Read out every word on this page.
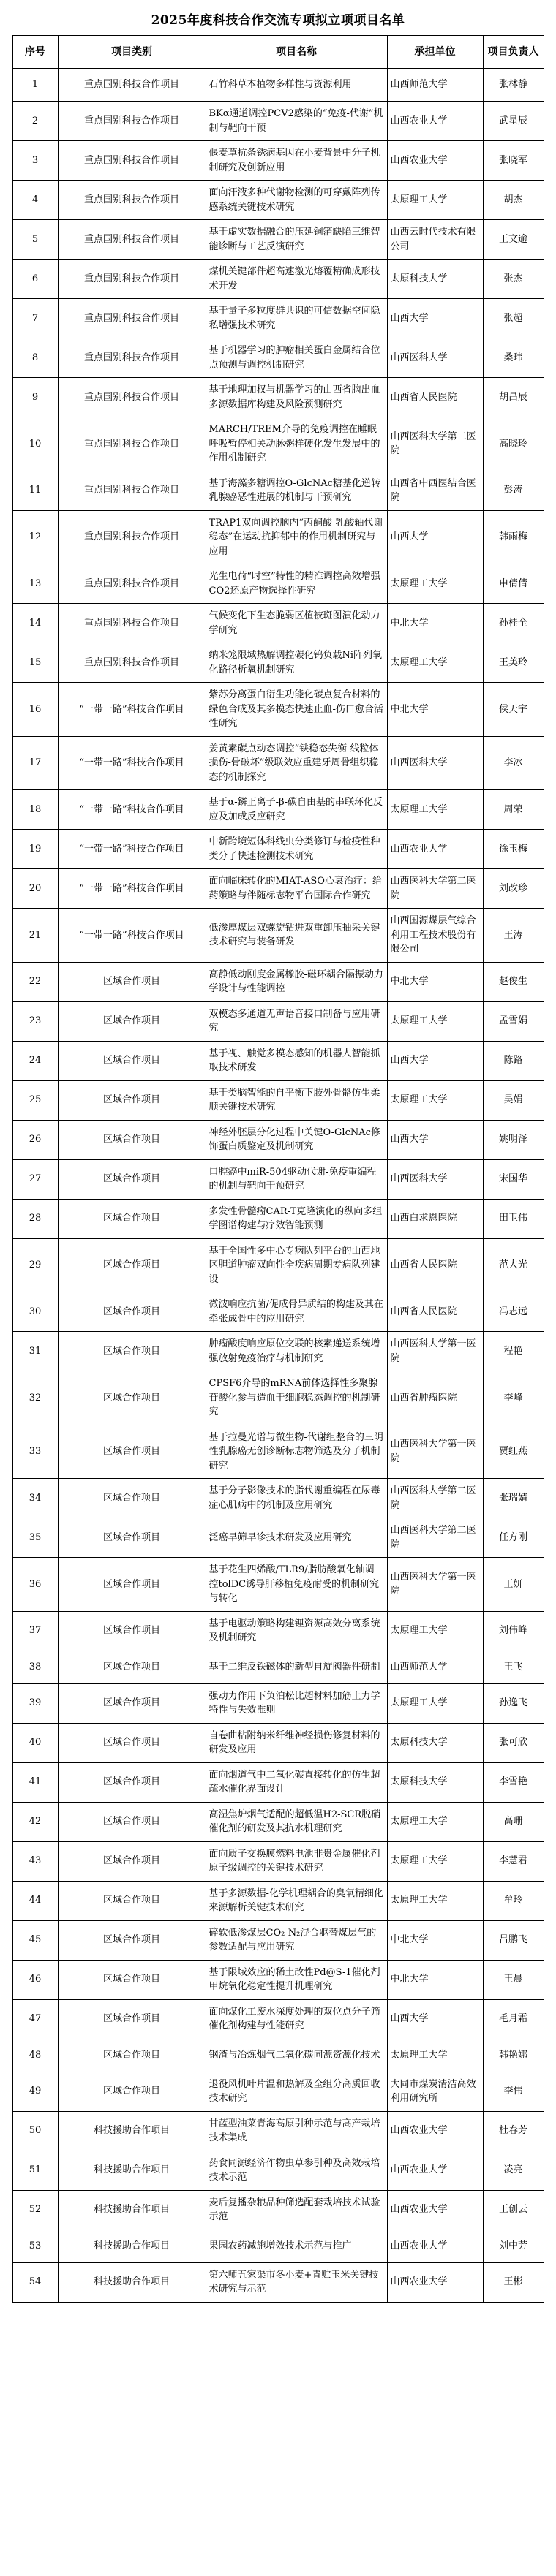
2025年度科技合作交流专项拟立项项目名单
序号	项目类别	项目名称	承担单位	项目负责人
1	重点国别科技合作项目	石竹科草本植物多样性与资源利用	山西师范大学	张林静
2	重点国别科技合作项目	BKα通道调控PCV2感染的“免疫-代谢”机制与靶向干预	山西农业大学	武星辰
3	重点国别科技合作项目	偃麦草抗条锈病基因在小麦背景中分子机制研究及创新应用	山西农业大学	张晓军
4	重点国别科技合作项目	面向汗液多种代谢物检测的可穿戴阵列传感系统关键技术研究	太原理工大学	胡杰
5	重点国别科技合作项目	基于虚实数据融合的压延铜箔缺陷三维智能诊断与工艺反演研究	山西云时代技术有限公司	王文逾
6	重点国别科技合作项目	煤机关键部件超高速激光熔覆精确成形技术开发	太原科技大学	张杰
7	重点国别科技合作项目	基于量子多粒度群共识的可信数据空间隐私增强技术研究	山西大学	张超
8	重点国别科技合作项目	基于机器学习的肿瘤相关蛋白金属结合位点预测与调控机制研究	山西医科大学	桑玮
9	重点国别科技合作项目	基于地理加权与机器学习的山西省脑出血多源数据库构建及风险预测研究	山西省人民医院	胡昌辰
10	重点国别科技合作项目	MARCH/TREM介导的免疫调控在睡眠呼吸暂停相关动脉粥样硬化发生发展中的作用机制研究	山西医科大学第二医院	高晓玲
11	重点国别科技合作项目	基于海藻多糖调控O-GlcNAc糖基化逆转乳腺癌恶性进展的机制与干预研究	山西省中西医结合医院	彭涛
12	重点国别科技合作项目	TRAP1双向调控脑内“丙酮酸-乳酸轴代谢稳态”在运动抗抑郁中的作用机制研究与应用	山西大学	韩雨梅
13	重点国别科技合作项目	光生电荷“时空”特性的精准调控高效增强CO2还原产物选择性研究	太原理工大学	申倩倩
14	重点国别科技合作项目	气候变化下生态脆弱区植被斑图演化动力学研究	中北大学	孙桂全
15	重点国别科技合作项目	纳米笼限域热解调控碳化钨负载Ni阵列氧化路径析氧机制研究	太原理工大学	王美玲
16	“一带一路”科技合作项目	紫苏分离蛋白衍生功能化碳点复合材料的绿色合成及其多模态快速止血-伤口愈合活性研究	中北大学	侯天宇
17	“一带一路”科技合作项目	姜黄素碳点动态调控“铁稳态失衡-线粒体损伤-骨破坏”级联效应重建牙周骨组织稳态的机制探究	山西医科大学	李冰
18	“一带一路”科技合作项目	基于α-鏻正离子-β-碳自由基的串联环化反应及加成反应研究	太原理工大学	周荣
19	“一带一路”科技合作项目	中新跨境短体科线虫分类修订与检疫性种类分子快速检测技术研究	山西农业大学	徐玉梅
20	“一带一路”科技合作项目	面向临床转化的MIAT-ASO心衰治疗：给药策略与伴随标志物平台国际合作研究	山西医科大学第二医院	刘改珍
21	“一带一路”科技合作项目	低渗厚煤层双螺旋钻进双重卸压抽采关键技术研究与装备研发	山西国源煤层气综合利用工程技术股份有限公司	王涛
22	区域合作项目	高静低动刚度金属橡胶-磁环耦合隔振动力学设计与性能调控	中北大学	赵俊生
23	区域合作项目	双模态多通道无声语音接口制备与应用研究	太原理工大学	孟雪娟
24	区域合作项目	基于视、触觉多模态感知的机器人智能抓取技术研发	山西大学	陈路
25	区域合作项目	基于类脑智能的自平衡下肢外骨骼仿生柔顺关键技术研究	太原理工大学	吴娟
26	区域合作项目	神经外胚层分化过程中关键O-GlcNAc修饰蛋白质鉴定及机制研究	山西大学	姚明泽
27	区域合作项目	口腔癌中miR-504驱动代谢-免疫重编程的机制与靶向干预研究	山西医科大学	宋国华
28	区域合作项目	多发性骨髓瘤CAR-T克隆演化的纵向多组学图谱构建与疗效智能预测	山西白求恩医院	田卫伟
29	区域合作项目	基于全国性多中心专病队列平台的山西地区胆道肿瘤双向性全疾病周期专病队列建设	山西省人民医院	范大光
30	区域合作项目	微波响应抗菌/促成骨异质结的构建及其在牵张成骨中的应用研究	山西省人民医院	冯志远
31	区域合作项目	肿瘤酸度响应原位交联的核素递送系统增强放射免疫治疗与机制研究	山西医科大学第一医院	程艳
32	区域合作项目	CPSF6介导的mRNA前体选择性多聚腺苷酸化参与造血干细胞稳态调控的机制研究	山西省肿瘤医院	李峰
33	区域合作项目	基于拉曼光谱与微生物-代谢组整合的三阴性乳腺癌无创诊断标志物筛选及分子机制研究	山西医科大学第一医院	贾红燕
34	区域合作项目	基于分子影像技术的脂代谢重编程在尿毒症心肌病中的机制及应用研究	山西医科大学第二医院	张瑞婧
35	区域合作项目	泛癌早筛早诊技术研发及应用研究	山西医科大学第二医院	任方刚
36	区域合作项目	基于花生四烯酸/TLR9/脂肪酸氧化轴调控tolDC诱导肝移植免疫耐受的机制研究与转化	山西医科大学第一医院	王妍
37	区域合作项目	基于电驱动策略构建锂资源高效分离系统及机制研究	太原理工大学	刘伟峰
38	区域合作项目	基于二维反铁磁体的新型自旋阀器件研制	山西师范大学	王飞
39	区域合作项目	强动力作用下负泊松比超材料加筋土力学特性与失效准则	太原理工大学	孙逸飞
40	区域合作项目	自卷曲粘附纳米纤维神经损伤修复材料的研发及应用	太原科技大学	张可欣
41	区域合作项目	面向烟道气中二氧化碳直接转化的仿生超疏水催化界面设计	太原科技大学	李雪艳
42	区域合作项目	高湿焦炉烟气适配的超低温H2-SCR脱硝催化剂的研发及其抗水机理研究	太原理工大学	高珊
43	区域合作项目	面向质子交换膜燃料电池非贵金属催化剂原子级调控的关键技术研究	太原理工大学	李慧君
44	区域合作项目	基于多源数据-化学机理耦合的臭氧精细化来源解析关键技术研究	太原理工大学	牟玲
45	区域合作项目	碎软低渗煤层CO₂-N₂混合驱替煤层气的参数适配与应用研究	中北大学	吕鹏飞
46	区域合作项目	基于限域效应的稀土改性Pd@S-1催化剂甲烷氧化稳定性提升机理研究	中北大学	王晨
47	区域合作项目	面向煤化工废水深度处理的双位点分子筛催化剂构建与性能研究	山西大学	毛月霜
48	区域合作项目	钢渣与冶炼烟气二氧化碳同源资源化技术	太原理工大学	韩艳娜
49	区域合作项目	退役风机叶片温和热解及全组分高质回收技术研究	大同市煤炭清洁高效利用研究所	李伟
50	科技援助合作项目	甘蓝型油菜青海高原引种示范与高产栽培技术集成	山西农业大学	杜春芳
51	科技援助合作项目	药食同源经济作物虫草参引种及高效栽培技术示范	山西农业大学	凌亮
52	科技援助合作项目	麦后复播杂粮品种筛选配套栽培技术试验示范	山西农业大学	王创云
53	科技援助合作项目	果园农药减施增效技术示范与推广	山西农业大学	刘中芳
54	科技援助合作项目	第六师五家渠市冬小麦+青贮玉米关键技术研究与示范	山西农业大学	王彬
